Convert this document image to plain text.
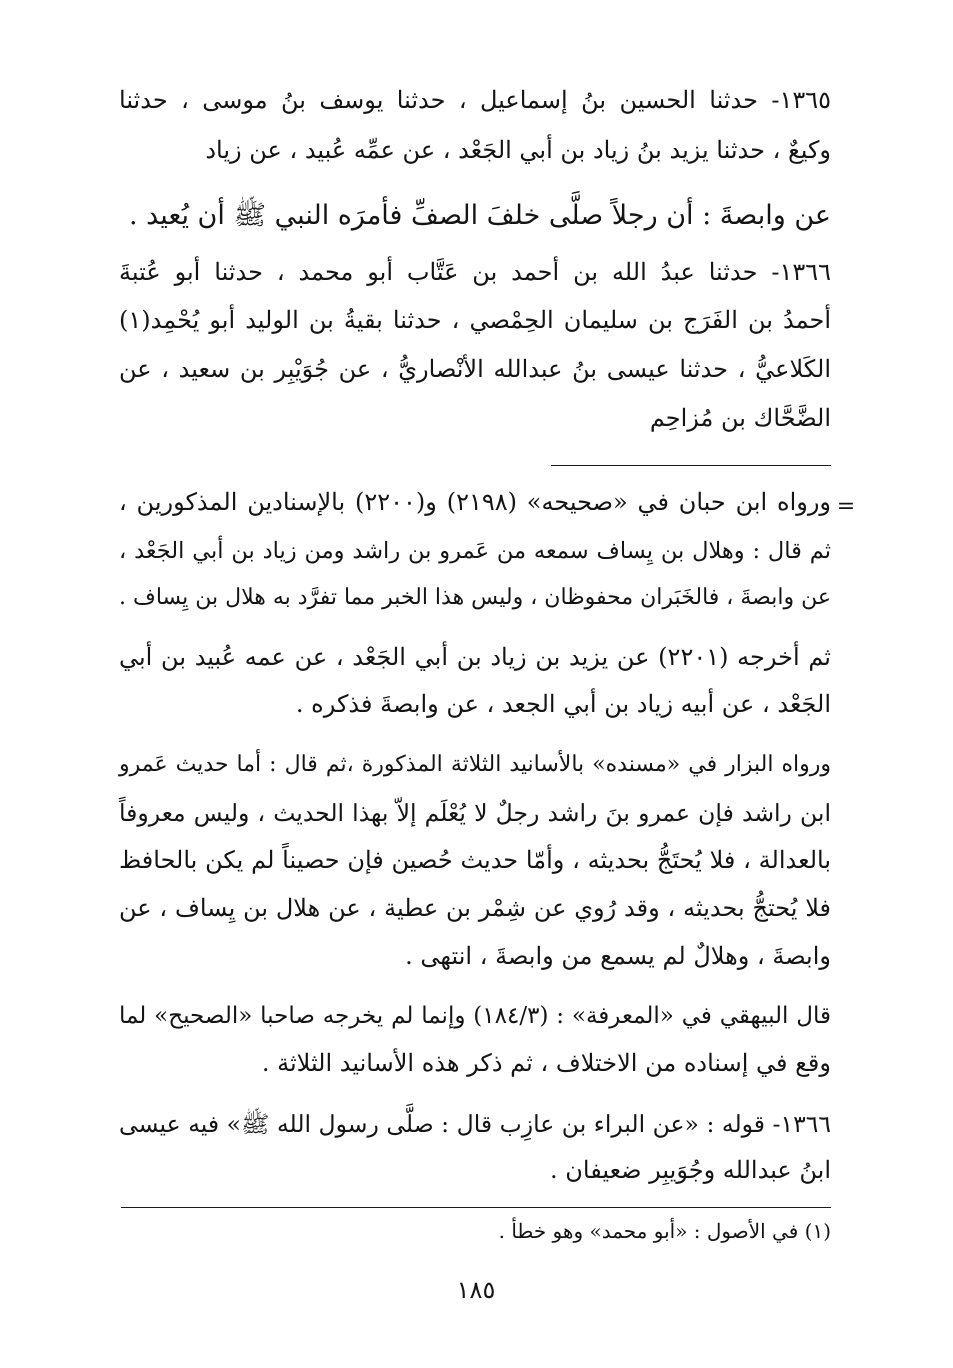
١٣٦٥- حدثنا الحسين بنُ إسماعيل ، حدثنا يوسف بنُ موسى ، حدثنا
وكيعٌ ، حدثنا يزيد بنُ زياد بن أبي الجَعْد ، عن عمِّه عُبيد ، عن زياد
عن وابصةَ : أن رجلاً صلَّى خلفَ الصفِّ فأمرَه النبي ﷺ أن يُعيد .
١٣٦٦- حدثنا عبدُ الله بن أحمد بن عَتَّاب أبو محمد ، حدثنا أبو عُتبةَ
أحمدُ بن الفَرَج بن سليمان الحِمْصي ، حدثنا بقيةُ بن الوليد أبو يُحْمِد(١)
الكَلاعيُّ ، حدثنا عيسى بنُ عبدالله الأنْصاريُّ ، عن جُوَيْبِر بن سعيد ، عن
الضَّحَّاك بن مُزاحِم
=
ورواه ابن حبان في «صحيحه» (٢١٩٨) و(٢٢٠٠) بالإسنادين المذكورين ،
ثم قال : وهلال بن يِساف سمعه من عَمرو بن راشد ومن زياد بن أبي الجَعْد ،
عن وابصةَ ، فالخَبَران محفوظان ، وليس هذا الخبر مما تفرَّد به هلال بن يِساف .
ثم أخرجه (٢٢٠١) عن يزيد بن زياد بن أبي الجَعْد ، عن عمه عُبيد بن أبي
الجَعْد ، عن أبيه زياد بن أبي الجعد ، عن وابصةَ فذكره .
ورواه البزار في «مسنده» بالأسانيد الثلاثة المذكورة ،ثم قال : أما حديث عَمرو
ابن راشد فإن عمرو بنَ راشد رجلٌ لا يُعْلَم إلاّ بهذا الحديث ، وليس معروفاً
بالعدالة ، فلا يُحتَجُّ بحديثه ، وأمّا حديث حُصين فإن حصيناً لم يكن بالحافظ
فلا يُحتجُّ بحديثه ، وقد رُوي عن شِمْر بن عطية ، عن هلال بن يِساف ، عن
وابصةَ ، وهلالٌ لم يسمع من وابصةَ ، انتهى .
قال البيهقي في «المعرفة» : (١٨٤/٣) وإنما لم يخرجه صاحبا «الصحيح» لما
وقع في إسناده من الاختلاف ، ثم ذكر هذه الأسانيد الثلاثة .
١٣٦٦- قوله : «عن البراء بن عازِب قال : صلَّى رسول الله ﷺ» فيه عيسى
ابنُ عبدالله وجُوَيبِر ضعيفان .
(١) في الأصول : «أبو محمد» وهو خطأ .
١٨٥
